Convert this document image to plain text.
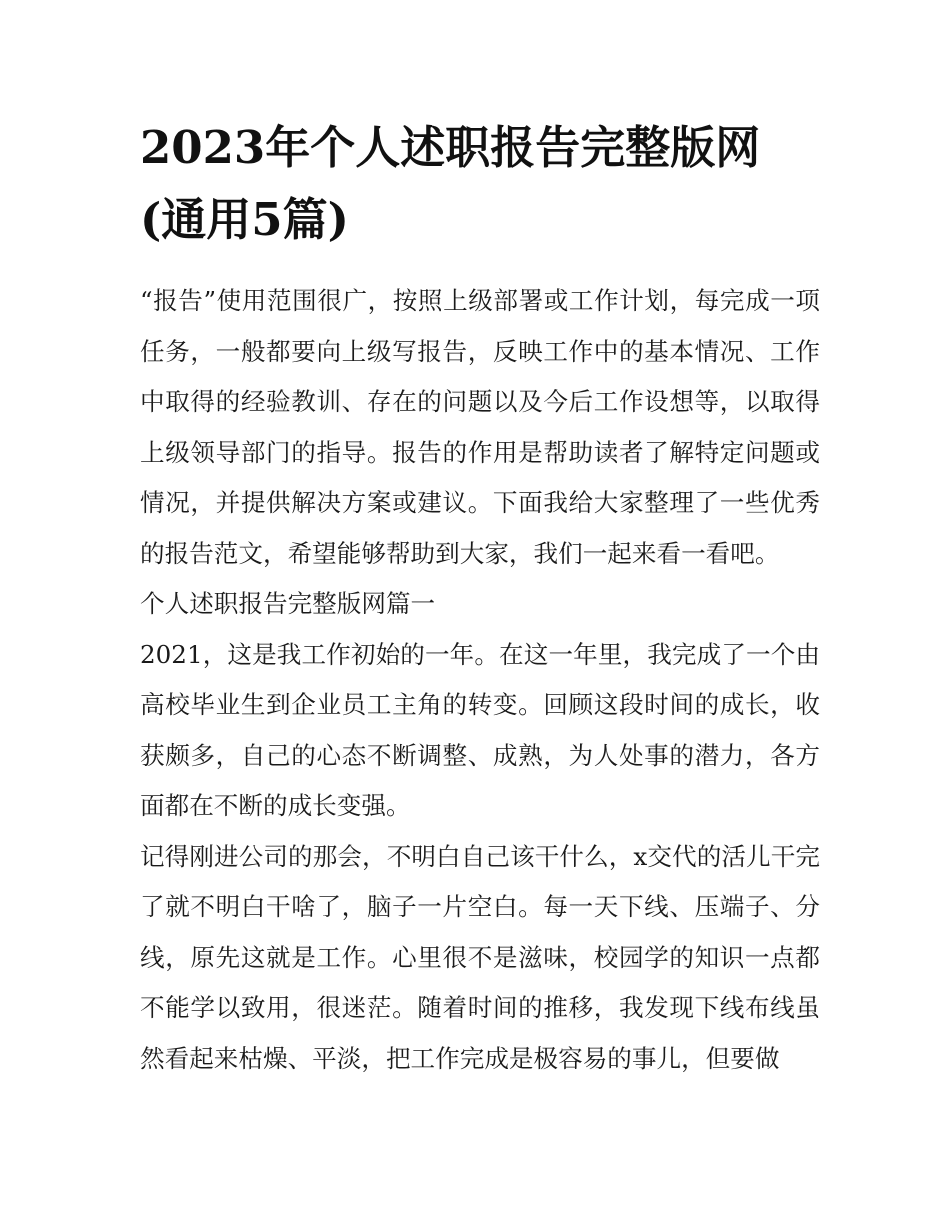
2023年个人述职报告完整版网(通用5篇)

“报告”使用范围很广，按照上级部署或工作计划，每完成一项任务，一般都要向上级写报告，反映工作中的基本情况、工作中取得的经验教训、存在的问题以及今后工作设想等，以取得上级领导部门的指导。报告的作用是帮助读者了解特定问题或情况，并提供解决方案或建议。下面我给大家整理了一些优秀的报告范文，希望能够帮助到大家，我们一起来看一看吧。

个人述职报告完整版网篇一

2021，这是我工作初始的一年。在这一年里，我完成了一个由高校毕业生到企业员工主角的转变。回顾这段时间的成长，收获颇多，自己的心态不断调整、成熟，为人处事的潜力，各方面都在不断的成长变强。

记得刚进公司的那会，不明白自己该干什么，x交代的活儿干完了就不明白干啥了，脑子一片空白。每一天下线、压端子、分线，原先这就是工作。心里很不是滋味，校园学的知识一点都不能学以致用，很迷茫。随着时间的推移，我发现下线布线虽然看起来枯燥、平淡，把工作完成是极容易的事儿，但要做
